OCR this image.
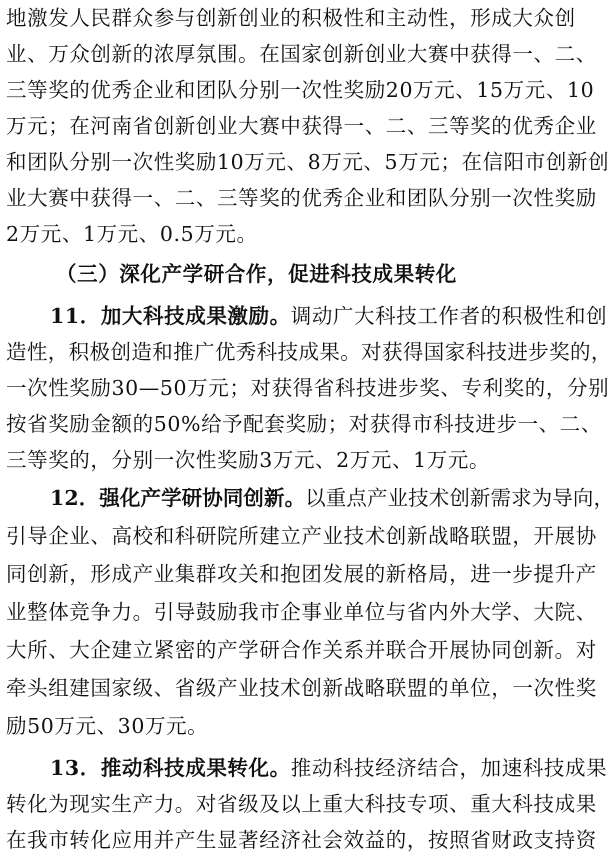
地激发人民群众参与创新创业的积极性和主动性，形成大众创
业、万众创新的浓厚氛围。在国家创新创业大赛中获得一、二、
三等奖的优秀企业和团队分别一次性奖励20万元、15万元、10
万元；在河南省创新创业大赛中获得一、二、三等奖的优秀企业
和团队分别一次性奖励10万元、8万元、5万元；在信阳市创新创
业大赛中获得一、二、三等奖的优秀企业和团队分别一次性奖励
2万元、1万元、0.5万元。
（三）深化产学研合作，促进科技成果转化
11．加大科技成果激励。调动广大科技工作者的积极性和创
造性，积极创造和推广优秀科技成果。对获得国家科技进步奖的，
一次性奖励30—50万元；对获得省科技进步奖、专利奖的，分别
按省奖励金额的50%给予配套奖励；对获得市科技进步一、二、
三等奖的，分别一次性奖励3万元、2万元、1万元。
12．强化产学研协同创新。以重点产业技术创新需求为导向，
引导企业、高校和科研院所建立产业技术创新战略联盟，开展协
同创新，形成产业集群攻关和抱团发展的新格局，进一步提升产
业整体竞争力。引导鼓励我市企事业单位与省内外大学、大院、
大所、大企建立紧密的产学研合作关系并联合开展协同创新。对
牵头组建国家级、省级产业技术创新战略联盟的单位，一次性奖
励50万元、30万元。
13．推动科技成果转化。推动科技经济结合，加速科技成果
转化为现实生产力。对省级及以上重大科技专项、重大科技成果
在我市转化应用并产生显著经济社会效益的，按照省财政支持资
